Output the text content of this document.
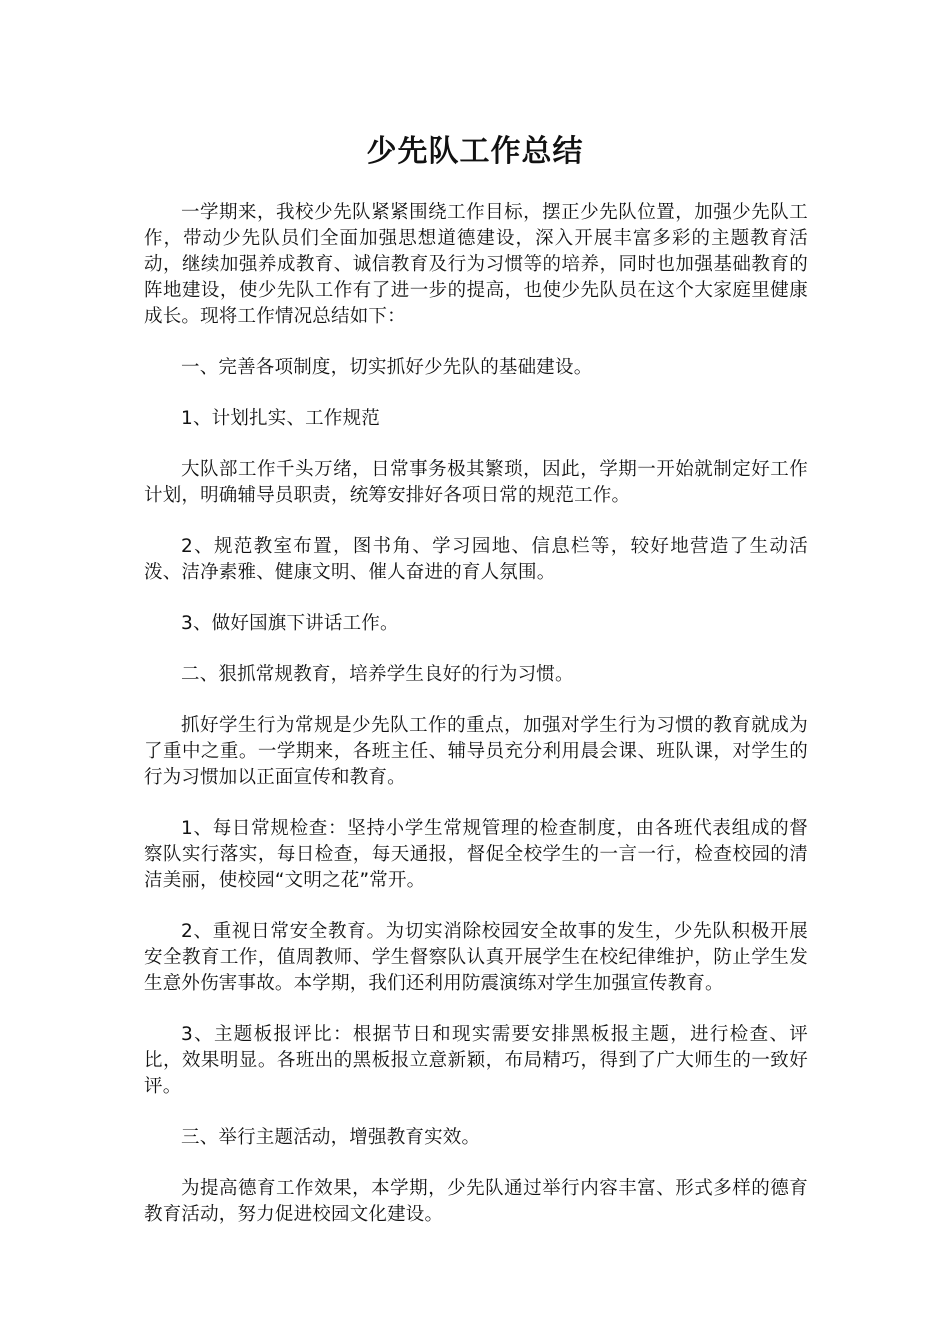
少先队工作总结

一学期来，我校少先队紧紧围绕工作目标，摆正少先队位置，加强少先队工作，带动少先队员们全面加强思想道德建设，深入开展丰富多彩的主题教育活动，继续加强养成教育、诚信教育及行为习惯等的培养，同时也加强基础教育的阵地建设，使少先队工作有了进一步的提高，也使少先队员在这个大家庭里健康成长。现将工作情况总结如下：

一、完善各项制度，切实抓好少先队的基础建设。

1、计划扎实、工作规范

大队部工作千头万绪，日常事务极其繁琐，因此，学期一开始就制定好工作计划，明确辅导员职责，统筹安排好各项日常的规范工作。

2、规范教室布置，图书角、学习园地、信息栏等，较好地营造了生动活泼、洁净素雅、健康文明、催人奋进的育人氛围。

3、做好国旗下讲话工作。

二、狠抓常规教育，培养学生良好的行为习惯。

抓好学生行为常规是少先队工作的重点，加强对学生行为习惯的教育就成为了重中之重。一学期来，各班主任、辅导员充分利用晨会课、班队课，对学生的行为习惯加以正面宣传和教育。

1、每日常规检查：坚持小学生常规管理的检查制度，由各班代表组成的督察队实行落实，每日检查，每天通报，督促全校学生的一言一行，检查校园的清洁美丽，使校园“文明之花”常开。

2、重视日常安全教育。为切实消除校园安全故事的发生，少先队积极开展安全教育工作，值周教师、学生督察队认真开展学生在校纪律维护，防止学生发生意外伤害事故。本学期，我们还利用防震演练对学生加强宣传教育。

3、主题板报评比：根据节日和现实需要安排黑板报主题，进行检查、评比，效果明显。各班出的黑板报立意新颖，布局精巧，得到了广大师生的一致好评。

三、举行主题活动，增强教育实效。

为提高德育工作效果，本学期，少先队通过举行内容丰富、形式多样的德育教育活动，努力促进校园文化建设。
